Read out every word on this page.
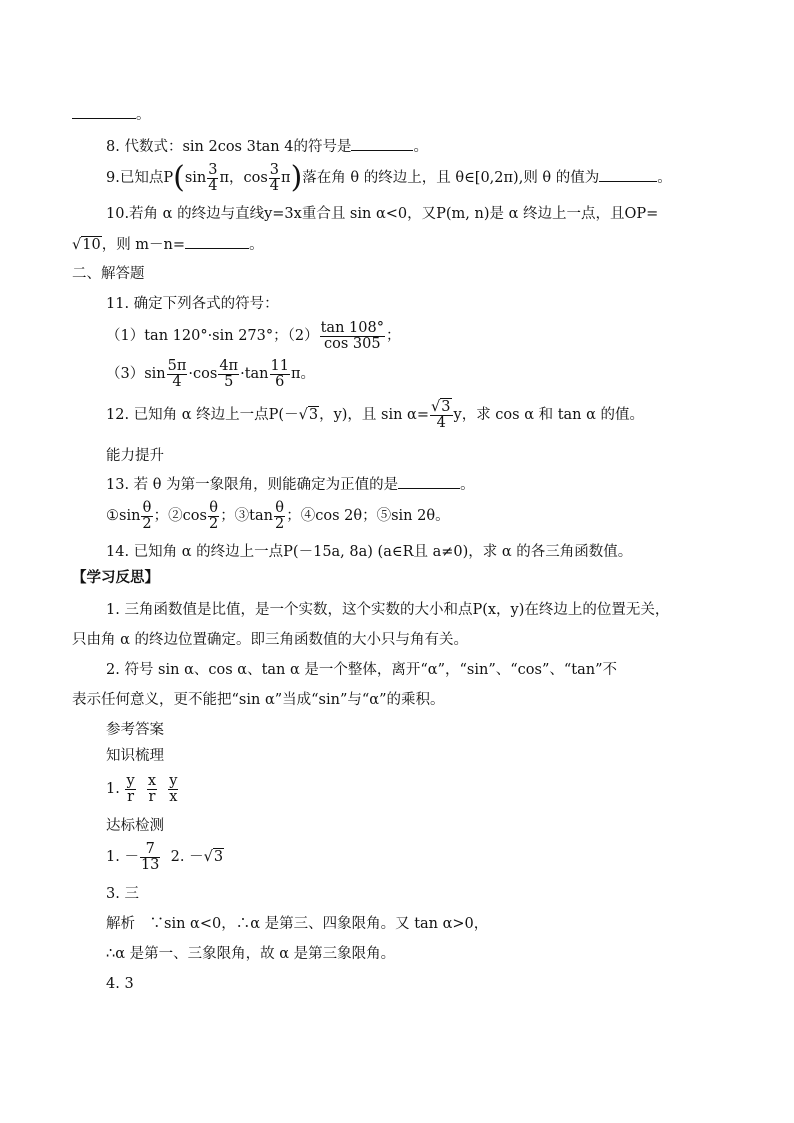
。
8. 代数式：sin 2cos 3tan 4的符号是	。
9.已知点$P(\sin \frac{3}{4}$ π，$\cos \frac{3}{4} \pi$)落在角 θ 的终边上，且 θ∈[0,2π),则 θ 的值为	。
10.若角 α 的终边与直线y=3x重合且 sin α<0，又P(m, n)是 α 终边上一点，且OP=
√10，则 m－n=	。
二、解答题
11. 确定下列各式的符号：
（1）tan 120°·sin 273°；$(2) \frac{\tan 108^\circ}{\cos 305}$ ；
$(3)\sin \frac{5\pi}{4} \cdot\cos \frac{4\pi}{5} \cdot\tan \frac{11}{6}$ π。
12. 已知角 α 终边上一点P(－√3，y)，且 $\sin \alpha= \frac{√3}{4}$ y，求 cos α 和 tan α 的值。
能力提升
13. 若 θ 为第一象限角，则能确定为正值的是	。
①sin $\frac{\theta}{2}$ ；②cos $\frac{\theta}{2}$ ；③tan $\frac{\theta}{2}$ ；④cos 2θ；⑤sin 2θ。
14. 已知角 α 的终边上一点P(－15a, 8a) (a∈R且 a≠0)，求 α 的各三角函数值。
【学习反思】
1. 三角函数值是比值，是一个实数，这个实数的大小和点P(x，y)在终边上的位置无关，
只由角 α 的终边位置确定。即三角函数值的大小只与角有关。
2. 符号 sin α、cos α、tan α 是一个整体，离开“α”，“sin”、“cos”、“tan”不
表示任何意义，更不能把“sin α”当成“sin”与“α”的乘积。
参考答案
知识梳理
1. $\frac{y}{r}$
$\frac{x}{r}$
$\frac{y}{x}$
达标检测
1. － $\frac{7}{13} 2$. －√3
3. 三
解析　∵sin α<0，∴α 是第三、四象限角。又 tan α>0，
∴α 是第一、三象限角，故 α 是第三象限角。
4. 3
